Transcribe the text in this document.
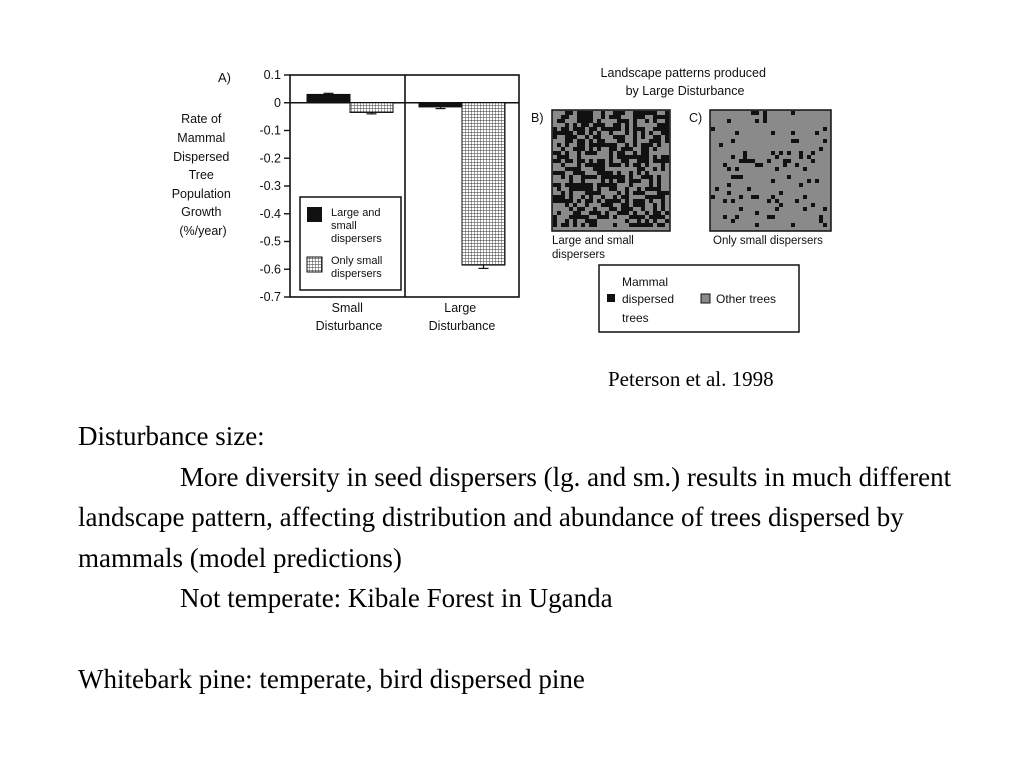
A)
Rate of Mammal Dispersed Tree Population Growth (%/year)
0.1
0
-0.1
-0.2
-0.3
-0.4
-0.5
-0.6
-0.7
Large and small dispersers
Only small dispersers
Small Disturbance
Large Disturbance
Landscape patterns produced by Large Disturbance
B)	C)
Large and small dispersers
Only small dispersers
Mammal dispersed trees
Other trees
Peterson et al. 1998

Disturbance size:

More diversity in seed dispersers (lg. and sm.) results in much different landscape pattern, affecting distribution and abundance of trees dispersed by mammals (model predictions)

Not temperate: Kibale Forest in Uganda

Whitebark pine: temperate, bird dispersed pine
